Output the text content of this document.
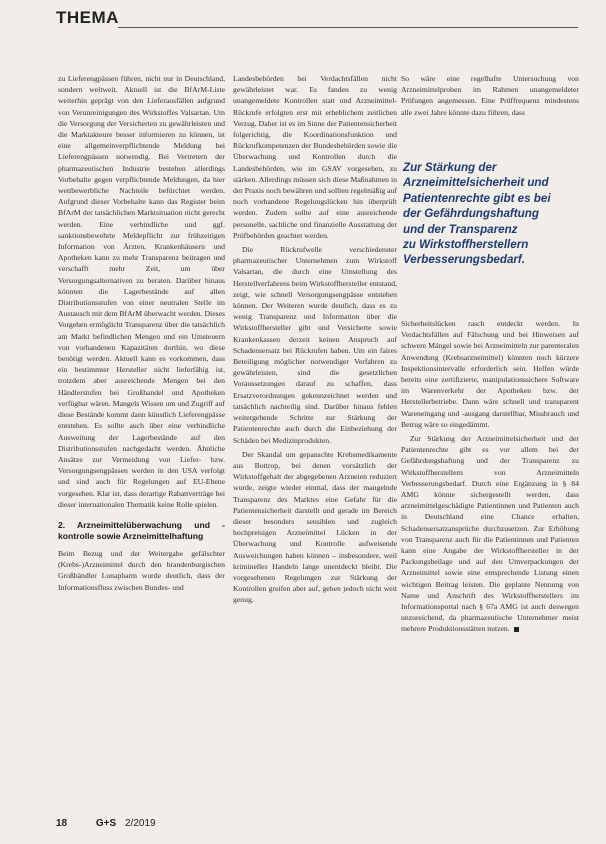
THEMA

zu Lieferengpässen führen, nicht nur in Deutschland, sondern weltweit. Aktuell ist die BfArM-Liste weiterhin geprägt von den Lieferausfällen aufgrund von Verunreinigungen des Wirkstoffes Valsartan. Um die Versorgung der Versicherten zu gewährleisten und die Marktakteure besser informieren zu können, ist eine allgemeinverpflichtende Meldung bei Lieferengpässen notwendig. Bei Vertretern der pharmazeutischen Industrie bestehen allerdings Vorbehalte gegen verpflichtende Meldungen, da hier wettbewerbliche Nachteile befürchtet werden. Aufgrund dieser Vorbehalte kann das Register beim BfArM der tatsächlichen Marktsituation nicht gerecht werden. Eine verbindliche und ggf. sanktionsbewehrte Meldepflicht zur frühzeitigen Information von Ärzten, Krankenhäusern und Apotheken kann zu mehr Transparenz beitragen und verschafft mehr Zeit, um über Versorgungsalternativen zu beraten. Darüber hinaus könnten die Lagerbestände auf allen Distributionsstufen von einer neutralen Stelle im Austausch mit dem BfArM überwacht werden. Dieses Vorgehen ermöglicht Transparenz über die tatsächlich am Markt befindlichen Mengen und ein Umsteuern von vorhandenen Kapazitäten dorthin, wo diese benötigt werden. Aktuell kann es vorkommen, dass ein bestimmter Hersteller nicht lieferfähig ist, trotzdem aber ausreichende Mengen bei den Händlerstufen bei Großhandel und Apotheken verfügbar wären. Mangels Wissen um und Zugriff auf diese Bestände kommt dann künstlich Lieferengpässe entstehen. Es sollte auch über eine verbindliche Ausweitung der Lagerbestände auf den Distributionsstufen nachgedacht werden. Ähnliche Ansätze zur Vermeidung von Liefer- bzw. Versorgungsengpässen werden in den USA verfolgt und sind auch für Regelungen auf EU-Ebene vorgesehen. Klar ist, dass derartige Rabattverträge bei dieser internationalen Thematik keine Rolle spielen.

2. Arzneimittelüberwachung und -kontrolle sowie Arzneimittelhaftung

Beim Bezug und der Weitergabe gefälschter (Krebs-)Arzneimittel durch den brandenburgischen Großhändler Lunapharm wurde deutlich, dass der Informationsfluss zwischen Bundes- und

Landesbehörden bei Verdachtsfällen nicht gewährleistet war. Es fanden zu wenig unangemeldete Kontrollen statt und Arzneimittel-Rückrufe erfolgten erst mit erheblichem zeitlichen Verzug. Daher ist es im Sinne der Patientensicherheit folgerichtig, die Koordinationsfunktion und Rückrufkompetenzen der Bundesbehörden sowie die Überwachung und Kontrollen durch die Landesbehörden, wie im GSAV vorgesehen, zu stärken. Allerdings müssen sich diese Maßnahmen in der Praxis noch bewähren und sollten regelmäßig auf noch vorhandene Regelungslücken hin überprüft werden. Zudem sollte auf eine ausreichende personelle, sachliche und finanzielle Ausstattung der Prüfbehörden geachtet werden.

Die Rückrufwelle verschiedenster pharmazeutischer Unternehmen zum Wirkstoff Valsartan, die durch eine Umstellung des Herstellverfahrens beim Wirkstoffhersteller entstand, zeigt, wie schnell Versorgungsengpässe entstehen können. Der Weiteren wurde deutlich, dass es zu wenig Transparenz und Information über die Wirkstoffhersteller gibt und Versicherte sowie Krankenkassen derzeit keinen Anspruch auf Schadensersatz bei Rückrufen haben. Um ein faires Beteiligung möglicher notwendiger Verfahren zu gewährleisten, sind die gesetzlichen Voraussetzungen darauf zu schaffen, dass Ersatzverordnungen gekennzeichnet werden und tatsächlich nachteilig sind. Darüber hinaus fehlen weitergehende Schritte zur Stärkung der Patientenrechte auch durch die Einbeziehung der Schäden bei Medizinprodukten.

Der Skandal um gepanschte Krebsmedikamente aus Bottrop, bei denen vorsätzlich der Wirkstoffgehalt der abgegebenen Arzneien reduziert wurde, zeigte wieder einmal, dass der mangelnde Transparenz des Marktes eine Gefahr für die Patientensicherheit darstellt und gerade im Bereich dieser besonders sensiblen und zugleich hochpreisigen Arzneimittel Lücken in der Überwachung und Kontrolle aufweisende Ausweichungen haben können – insbesondere, weil kriminelles Handeln lange unentdeckt bleibt. Die vorgesehenen Regelungen zur Stärkung der Kontrollen greifen aber auf, gehen jedoch nicht weit genug.

So wäre eine regelhafte Untersuchung von Arzneimittelproben im Rahmen unangemeldeter Prüfungen angemessen. Eine Prüffrequenz mindestens alle zwei Jahre könnte dazu führen, dass

Zur Stärkung der
Arzneimittelsicherheit und
Patientenrechte gibt es bei
der Gefährdungshaftung
und der Transparenz
zu Wirkstoffherstellern
Verbesserungsbedarf.

Sicherheitslücken rasch entdeckt werden. In Verdachtsfällen auf Fälschung und bei Hinweisen auf schwere Mängel sowie bei Arzneimitteln zur parenteralen Anwendung (Krebsarzneimittel) könnten noch kürzere Inspektionsintervalle erforderlich sein. Helfen würde bereits eine zertifizierte, manipulationssichere Software im Warenverkehr der Apotheken bzw. der Herstellerbetriebe. Dann wäre schnell und transparent Wareneingang und -ausgang darstellbar, Missbrauch und Betrug wäre so eingedämmt.

Zur Stärkung der Arzneimittelsicherheit und der Patientenrechte gibt es vor allem bei der Gefährdungshaftung und der Transparenz zu Wirkstoffherstellern von Arzneimitteln Verbesserungsbedarf. Durch eine Ergänzung in § 84 AMG könnte sichergestellt werden, dass arzneimittelgeschädigte Patientinnen und Patienten auch in Deutschland eine Chance erhalten, Schadensersatzansprüche durchzusetzen. Zur Erhöhung von Transparenz auch für die Patientinnen und Patienten kann eine Angabe der Wirkstoffhersteller in der Packungsbeilage und auf den Umverpackungen der Arzneimittel sowie eine entsprechende Listung einen wichtigen Beitrag leisten. Die geplante Nennung von Name und Anschrift des Wirkstoffherstellers im Informationsportal nach § 67a AMG ist auch deswegen unzureichend, da pharmazeutische Unternehmer meist mehrere Produktionsstätten nutzen.

18	G+S 2/2019
